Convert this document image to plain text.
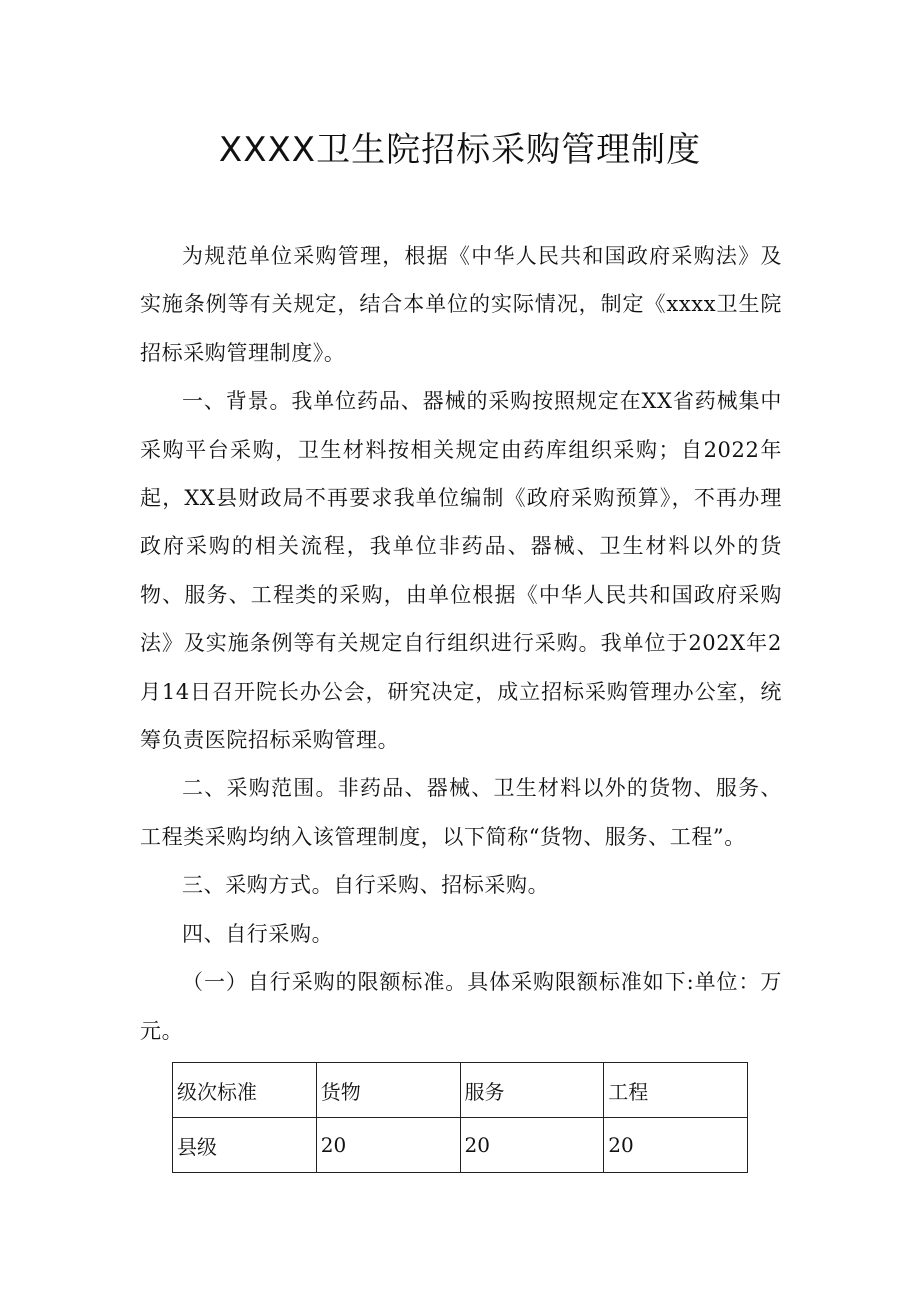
XXXX卫生院招标采购管理制度

为规范单位采购管理，根据《中华人民共和国政府采购法》及实施条例等有关规定，结合本单位的实际情况，制定《xxxx卫生院招标采购管理制度》。

一、背景。我单位药品、器械的采购按照规定在XX省药械集中采购平台采购，卫生材料按相关规定由药库组织采购；自2022年起，XX县财政局不再要求我单位编制《政府采购预算》，不再办理政府采购的相关流程，我单位非药品、器械、卫生材料以外的货物、服务、工程类的采购，由单位根据《中华人民共和国政府采购法》及实施条例等有关规定自行组织进行采购。我单位于202X年2月14日召开院长办公会，研究决定，成立招标采购管理办公室，统筹负责医院招标采购管理。

二、采购范围。非药品、器械、卫生材料以外的货物、服务、工程类采购均纳入该管理制度，以下简称“货物、服务、工程”。

三、采购方式。自行采购、招标采购。

四、自行采购。

（一）自行采购的限额标准。具体采购限额标准如下:单位：万元。

级次标准	货物	服务	工程
县级	20	20	20
